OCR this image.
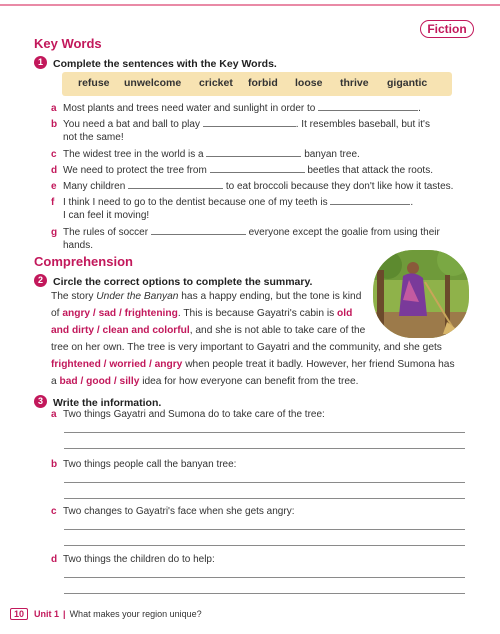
Fiction
Key Words
1 Complete the sentences with the Key Words.
refuse unwelcome cricket forbid loose thrive gigantic
a Most plants and trees need water and sunlight in order to	.
b You need a bat and ball to play	. It resembles baseball, but it's
not the same!
c The widest tree in the world is a	banyan tree.
d We need to protect the tree from	beetles that attack the roots.
e Many children	to eat broccoli because they don't like how it tastes.
f I think I need to go to the dentist because one of my teeth is	.
I can feel it moving!
g The rules of soccer	everyone except the goalie from using their
hands.
Comprehension
2 Circle the correct options to complete the summary.
The story Under the Banyan has a happy ending, but the tone is kind
of angry / sad / frightening. This is because Gayatri's cabin is old
and dirty / clean and colorful, and she is not able to take care of the
tree on her own. The tree is very important to Gayatri and the community, and she gets
frightened / worried / angry when people treat it badly. However, her friend Sumona has
a bad / good / silly idea for how everyone can benefit from the tree.
3 Write the information.
a Two things Gayatri and Sumona do to take care of the tree:
b Two things people call the banyan tree:
c Two changes to Gayatri's face when she gets angry:
d Two things the children do to help:
10 Unit 1 | What makes your region unique?
